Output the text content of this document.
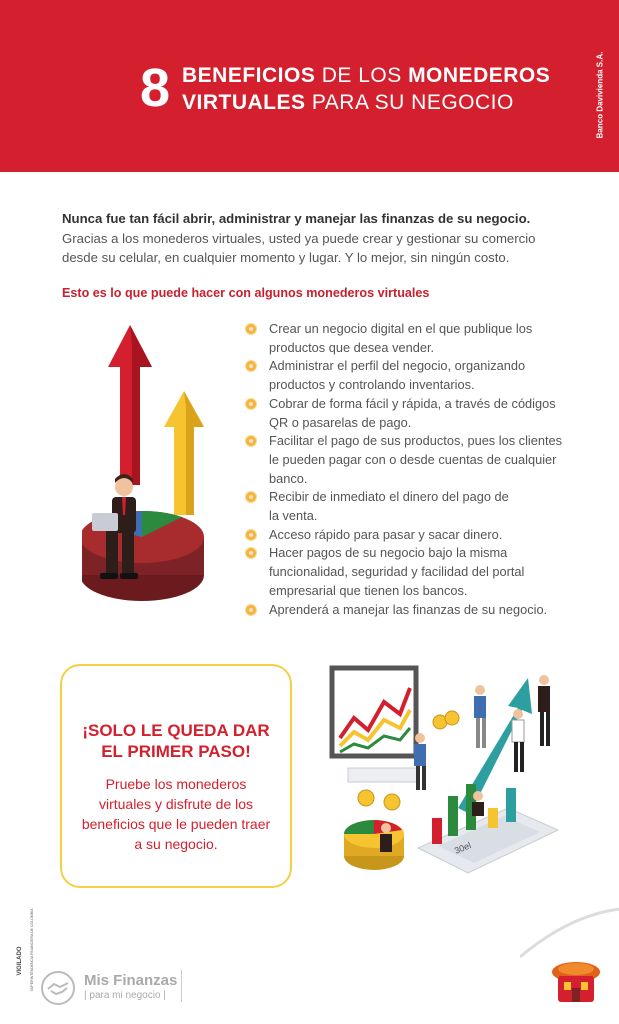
8 BENEFICIOS DE LOS MONEDEROS
VIRTUALES PARA SU NEGOCIO	Banco Davivienda S.A.
Nunca fue tan fácil abrir, administrar y manejar las finanzas de su negocio. Gracias a los monederos virtuales, usted ya puede crear y gestionar su comercio desde su celular, en cualquier momento y lugar. Y lo mejor, sin ningún costo.
Esto es lo que puede hacer con algunos monederos virtuales
Crear un negocio digital en el que publique los productos que desea vender.
Administrar el perfil del negocio, organizando productos y controlando inventarios.
Cobrar de forma fácil y rápida, a través de códigos QR o pasarelas de pago.
Facilitar el pago de sus productos, pues los clientes le pueden pagar con o desde cuentas de cualquier banco.
Recibir de inmediato el dinero del pago de la venta.
Acceso rápido para pasar y sacar dinero.
Hacer pagos de su negocio bajo la misma funcionalidad, seguridad y facilidad del portal empresarial que tienen los bancos.
Aprenderá a manejar las finanzas de su negocio.
¡SOLO LE QUEDA DAR
EL PRIMER PASO!
Pruebe los monederos virtuales y disfrute de los beneficios que le pueden traer a su negocio.	30el
VIGILADO SUPERINTENDENCIA FINANCIERA DE COLOMBIA	Mis Finanzas
| para mi negocio |
